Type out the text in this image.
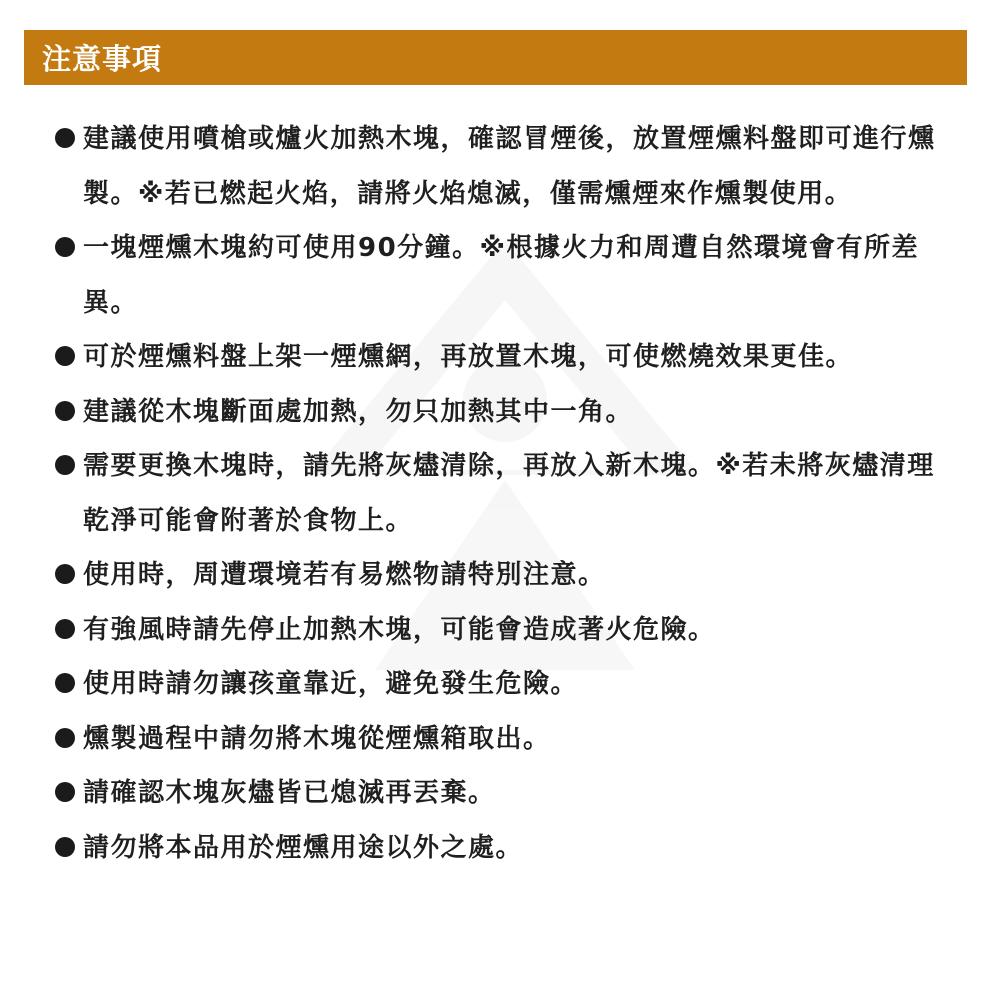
注意事項
建議使用噴槍或爐火加熱木塊，確認冒煙後，放置煙燻料盤即可進行燻製。※若已燃起火焰，請將火焰熄滅，僅需燻煙來作燻製使用。
一塊煙燻木塊約可使用90分鐘。※根據火力和周遭自然環境會有所差異。
可於煙燻料盤上架一煙燻網，再放置木塊，可使燃燒效果更佳。
建議從木塊斷面處加熱，勿只加熱其中一角。
需要更換木塊時，請先將灰燼清除，再放入新木塊。※若未將灰燼清理乾淨可能會附著於食物上。
使用時，周遭環境若有易燃物請特別注意。
有強風時請先停止加熱木塊，可能會造成著火危險。
使用時請勿讓孩童靠近，避免發生危險。
燻製過程中請勿將木塊從煙燻箱取出。
請確認木塊灰燼皆已熄滅再丟棄。
請勿將本品用於煙燻用途以外之處。
